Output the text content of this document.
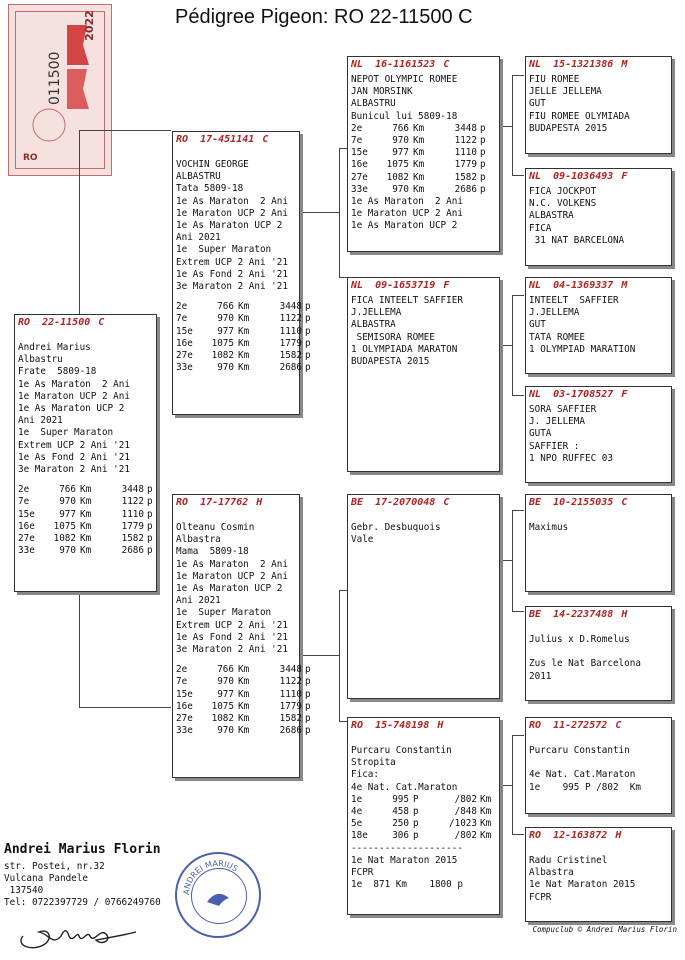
Pédigree Pigeon: RO 22-11500 C
011500
2022
RO
RO  22-11500 C
Andrei Marius
Albastru
Frate  5809-18
1e As Maraton  2 Ani
1e Maraton UCP 2 Ani
1e As Maraton UCP 2
Ani 2021
1e  Super Maraton
Extrem UCP 2 Ani '21
1e As Fond 2 Ani '21
3e Maraton 2 Ani '21
2e	766 Km	3448 p
7e	970 Km	1122 p
15e	977 Km	1110 p
16e 1075 Km	1779 p
27e 1082 Km	1582 p
33e	970 Km	2686 p
RO  17-451141 C
VOCHIN GEORGE
ALBASTRU
Tata 5809-18
1e As Maraton  2 Ani
1e Maraton UCP 2 Ani
1e As Maraton UCP 2
Ani 2021
1e  Super Maraton
Extrem UCP 2 Ani '21
1e As Fond 2 Ani '21
3e Maraton 2 Ani '21
2e	766 Km	3448 p
7e	970 Km	1122 p
15e	977 Km	1110 p
16e 1075 Km	1779 p
27e 1082 Km	1582 p
33e	970 Km	2686 p
RO  17-17762 H
Olteanu Cosmin
Albastra
Mama  5809-18
1e As Maraton  2 Ani
1e Maraton UCP 2 Ani
1e As Maraton UCP 2
Ani 2021
1e  Super Maraton
Extrem UCP 2 Ani '21
1e As Fond 2 Ani '21
3e Maraton 2 Ani '21
2e	766 Km	3448 p
7e	970 Km	1122 p
15e	977 Km	1110 p
16e 1075 Km	1779 p
27e 1082 Km	1582 p
33e	970 Km	2686 p
NL  16-1161523 C
NEPOT OLYMPIC ROMEE
JAN MORSINK
ALBASTRU
Bunicul lui 5809-18
2e	766 Km	3448 p
7e	970 Km	1122 p
15e	977 Km	1110 p
16e 1075 Km	1779 p
27e 1082 Km	1582 p
33e	970 Km	2686 p
1e As Maraton  2 Ani
1e Maraton UCP 2 Ani
1e As Maraton UCP 2
NL  09-1653719 F
FICA INTEELT SAFFIER
J.JELLEMA
ALBASTRA
SEMISORA ROMEE
1 OLYMPIADA MARATON
BUDAPESTA 2015
BE  17-2070048 C
Gebr. Desbuquois
Vale
RO  15-748198 H
Purcaru Constantin
Stropita
Fica:
4e Nat. Cat.Maraton
1e	995 P	/802 Km
4e	458 p	/848 Km
5e	250 p	/1023 Km
18e	306 p	/802 Km
--------------------
1e Nat Maraton 2015
FCPR
1e  871 Km    1800 p
NL  15-1321386 M
FIU ROMEE
JELLE JELLEMA
GUT
FIU ROMEE OLYMIADA
BUDAPESTA 2015
NL  09-1036493 F
FICA JOCKPOT
N.C. VOLKENS
ALBASTRA
FICA
31 NAT BARCELONA
NL  04-1369337 M
INTEELT  SAFFIER
J.JELLEMA
GUT
TATA ROMEE
1 OLYMPIAD MARATION
NL  03-1708527 F
SORA SAFFIER
J. JELLEMA
GUTA
SAFFIER :
1 NPO RUFFEC 03
BE  10-2155035 C
Maximus
BE  14-2237488 H
Julius x D.Romelus

Zus le Nat Barcelona
2011
RO  11-272572 C
Purcaru Constantin

4e Nat. Cat.Maraton
1e    995 P /802  Km
RO  12-163872 H
Radu Cristinel
Albastra
1e Nat Maraton 2015
FCPR
Andrei Marius Florin
str. Postei, nr.32
Vulcana Pandele
137540
Tel: 0722397729 / 0766249760
ANDREI MARIUS
Compuclub © Andrei Marius Florin
